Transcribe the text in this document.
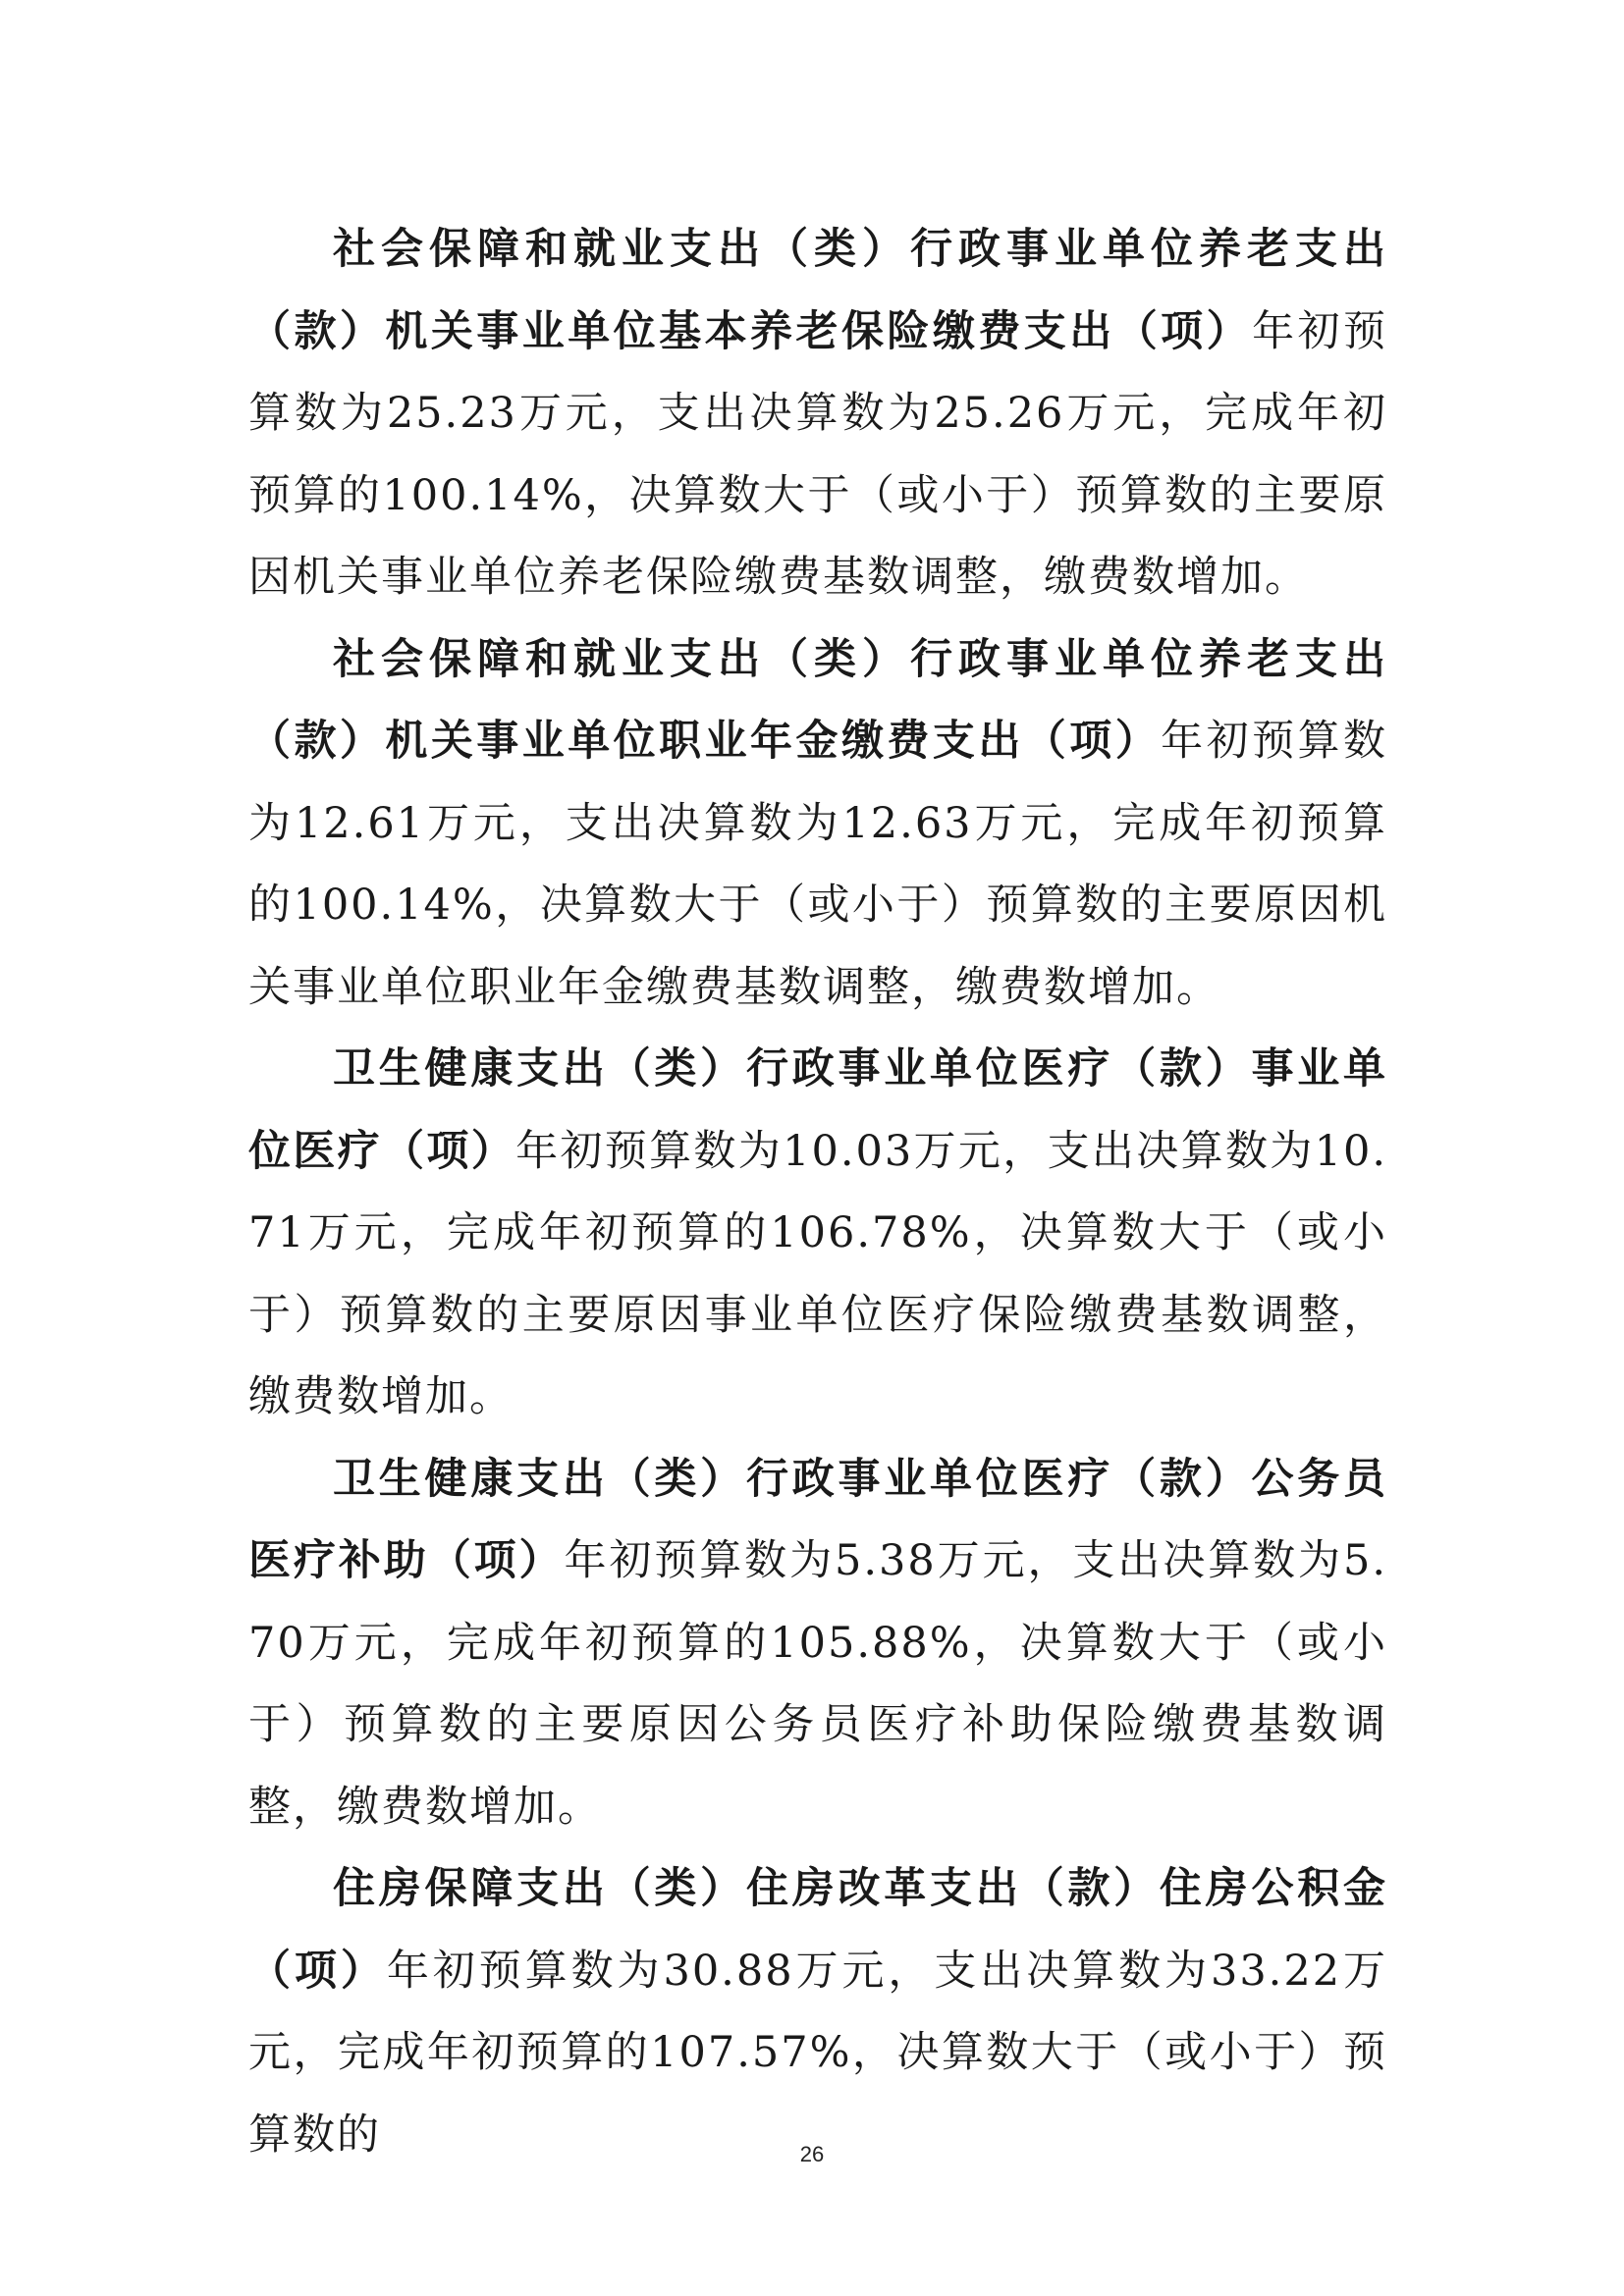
社会保障和就业支出（类）行政事业单位养老支出（款）机关事业单位基本养老保险缴费支出（项）年初预算数为25.23万元，支出决算数为25.26万元，完成年初预算的100.14%，决算数大于（或小于）预算数的主要原因机关事业单位养老保险缴费基数调整，缴费数增加。

社会保障和就业支出（类）行政事业单位养老支出（款）机关事业单位职业年金缴费支出（项）年初预算数为12.61万元，支出决算数为12.63万元，完成年初预算的100.14%，决算数大于（或小于）预算数的主要原因机关事业单位职业年金缴费基数调整，缴费数增加。

卫生健康支出（类）行政事业单位医疗（款）事业单位医疗（项）年初预算数为10.03万元，支出决算数为10.71万元，完成年初预算的106.78%，决算数大于（或小于）预算数的主要原因事业单位医疗保险缴费基数调整，缴费数增加。

卫生健康支出（类）行政事业单位医疗（款）公务员医疗补助（项）年初预算数为5.38万元，支出决算数为5.70万元，完成年初预算的105.88%，决算数大于（或小于）预算数的主要原因公务员医疗补助保险缴费基数调整，缴费数增加。

住房保障支出（类）住房改革支出（款）住房公积金（项）年初预算数为30.88万元，支出决算数为33.22万元，完成年初预算的107.57%，决算数大于（或小于）预算数的	26
